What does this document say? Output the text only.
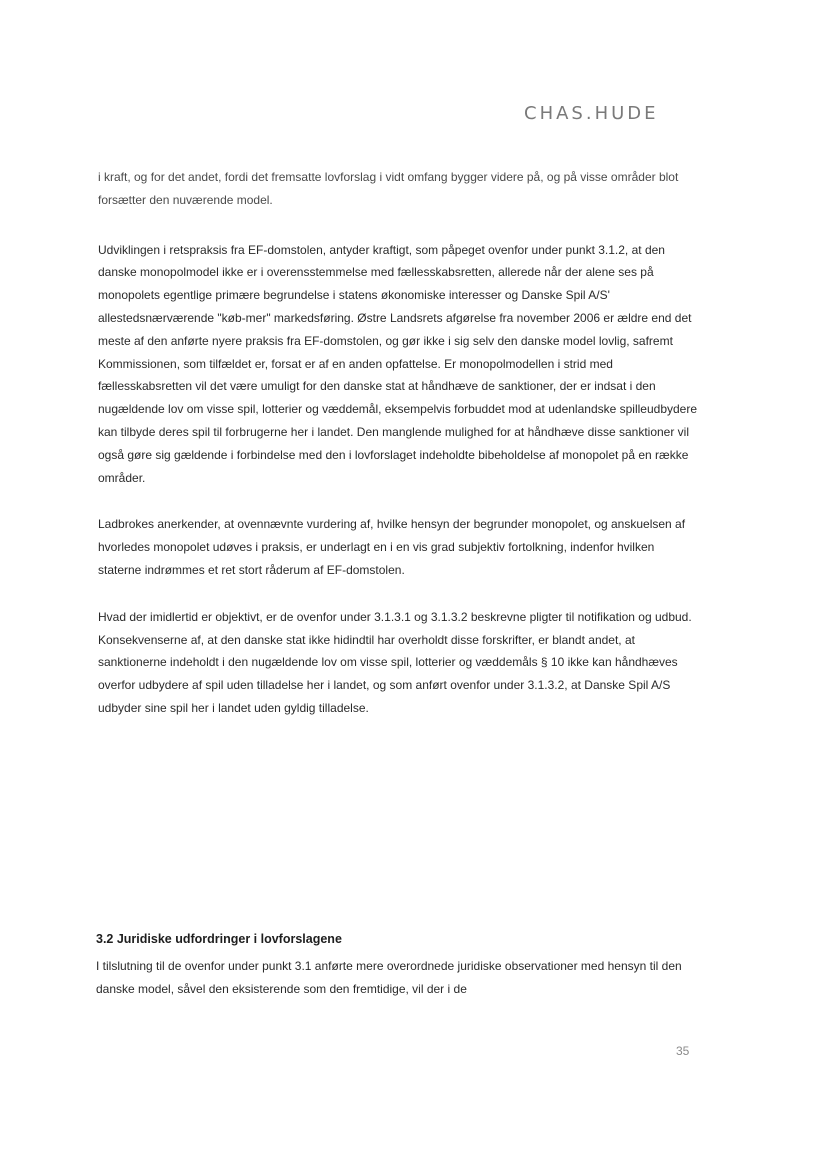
CHAS.HUDE

i kraft, og for det andet, fordi det fremsatte lovforslag i vidt omfang bygger videre på, og på visse områder blot forsætter den nuværende model.

Udviklingen i retspraksis fra EF-domstolen, antyder kraftigt, som påpeget ovenfor under punkt 3.1.2, at den danske monopolmodel ikke er i overensstemmelse med fællesskabsretten, allerede når der alene ses på monopolets egentlige primære begrundelse i statens økonomiske interesser og Danske Spil A/S' allestedsnærværende "køb-mer" markedsføring. Østre Landsrets afgørelse fra november 2006 er ældre end det meste af den anførte nyere praksis fra EF-domstolen, og gør ikke i sig selv den danske model lovlig, safremt Kommissionen, som tilfældet er, forsat er af en anden opfattelse. Er monopolmodellen i strid med fællesskabsretten vil det være umuligt for den danske stat at håndhæve de sanktioner, der er indsat i den nugældende lov om visse spil, lotterier og væddemål, eksempelvis forbuddet mod at udenlandske spilleudbydere kan tilbyde deres spil til forbrugerne her i landet. Den manglende mulighed for at håndhæve disse sanktioner vil også gøre sig gældende i forbindelse med den i lovforslaget indeholdte bibeholdelse af monopolet på en række områder.

Ladbrokes anerkender, at ovennævnte vurdering af, hvilke hensyn der begrunder monopolet, og anskuelsen af hvorledes monopolet udøves i praksis, er underlagt en i en vis grad subjektiv fortolkning, indenfor hvilken staterne indrømmes et ret stort råderum af EF-domstolen.

Hvad der imidlertid er objektivt, er de ovenfor under 3.1.3.1 og 3.1.3.2 beskrevne pligter til notifikation og udbud. Konsekvenserne af, at den danske stat ikke hidindtil har overholdt disse forskrifter, er blandt andet, at sanktionerne indeholdt i den nugældende lov om visse spil, lotterier og væddemåls § 10 ikke kan håndhæves overfor udbydere af spil uden tilladelse her i landet, og som anført ovenfor under 3.1.3.2, at Danske Spil A/S udbyder sine spil her i landet uden gyldig tilladelse.

3.2 Juridiske udfordringer i lovforslagene

I tilslutning til de ovenfor under punkt 3.1 anførte mere overordnede juridiske observationer med hensyn til den danske model, såvel den eksisterende som den fremtidige, vil der i de

35
